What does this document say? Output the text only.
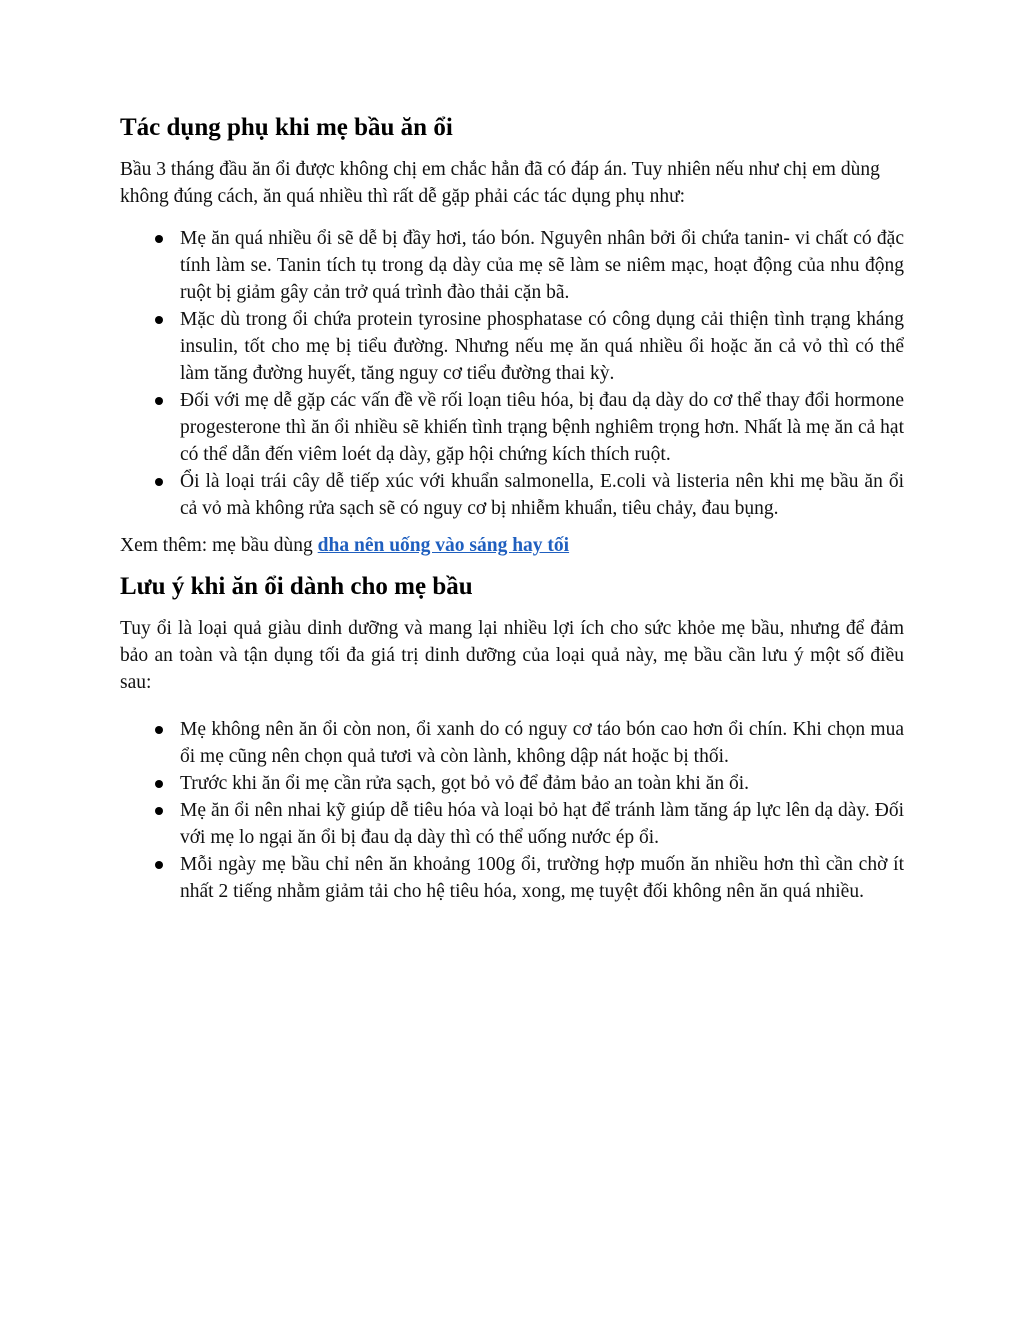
Tác dụng phụ khi mẹ bầu ăn ổi

Bầu 3 tháng đầu ăn ổi được không chị em chắc hẳn đã có đáp án. Tuy nhiên nếu như chị em dùng không đúng cách, ăn quá nhiều thì rất dễ gặp phải các tác dụng phụ như:

Mẹ ăn quá nhiều ổi sẽ dễ bị đầy hơi, táo bón. Nguyên nhân bởi ổi chứa tanin- vi chất có đặc tính làm se. Tanin tích tụ trong dạ dày của mẹ sẽ làm se niêm mạc, hoạt động của nhu động ruột bị giảm gây cản trở quá trình đào thải cặn bã.
Mặc dù trong ổi chứa protein tyrosine phosphatase có công dụng cải thiện tình trạng kháng insulin, tốt cho mẹ bị tiểu đường. Nhưng nếu mẹ ăn quá nhiều ổi hoặc ăn cả vỏ thì có thể làm tăng đường huyết, tăng nguy cơ tiểu đường thai kỳ.
Đối với mẹ dễ gặp các vấn đề về rối loạn tiêu hóa, bị đau dạ dày do cơ thể thay đổi hormone progesterone thì ăn ổi nhiều sẽ khiến tình trạng bệnh nghiêm trọng hơn. Nhất là mẹ ăn cả hạt có thể dẫn đến viêm loét dạ dày, gặp hội chứng kích thích ruột.
Ổi là loại trái cây dễ tiếp xúc với khuẩn salmonella, E.coli và listeria nên khi mẹ bầu ăn ổi cả vỏ mà không rửa sạch sẽ có nguy cơ bị nhiễm khuẩn, tiêu chảy, đau bụng.

Xem thêm: mẹ bầu dùng dha nên uống vào sáng hay tối

Lưu ý khi ăn ổi dành cho mẹ bầu

Tuy ổi là loại quả giàu dinh dưỡng và mang lại nhiều lợi ích cho sức khỏe mẹ bầu, nhưng để đảm bảo an toàn và tận dụng tối đa giá trị dinh dưỡng của loại quả này, mẹ bầu cần lưu ý một số điều sau:

Mẹ không nên ăn ổi còn non, ổi xanh do có nguy cơ táo bón cao hơn ổi chín. Khi chọn mua ổi mẹ cũng nên chọn quả tươi và còn lành, không dập nát hoặc bị thối.
Trước khi ăn ổi mẹ cần rửa sạch, gọt bỏ vỏ để đảm bảo an toàn khi ăn ổi.
Mẹ ăn ổi nên nhai kỹ giúp dễ tiêu hóa và loại bỏ hạt để tránh làm tăng áp lực lên dạ dày. Đối với mẹ lo ngại ăn ổi bị đau dạ dày thì có thể uống nước ép ổi.
Mỗi ngày mẹ bầu chỉ nên ăn khoảng 100g ổi, trường hợp muốn ăn nhiều hơn thì cần chờ ít nhất 2 tiếng nhằm giảm tải cho hệ tiêu hóa, xong, mẹ tuyệt đối không nên ăn quá nhiều.
